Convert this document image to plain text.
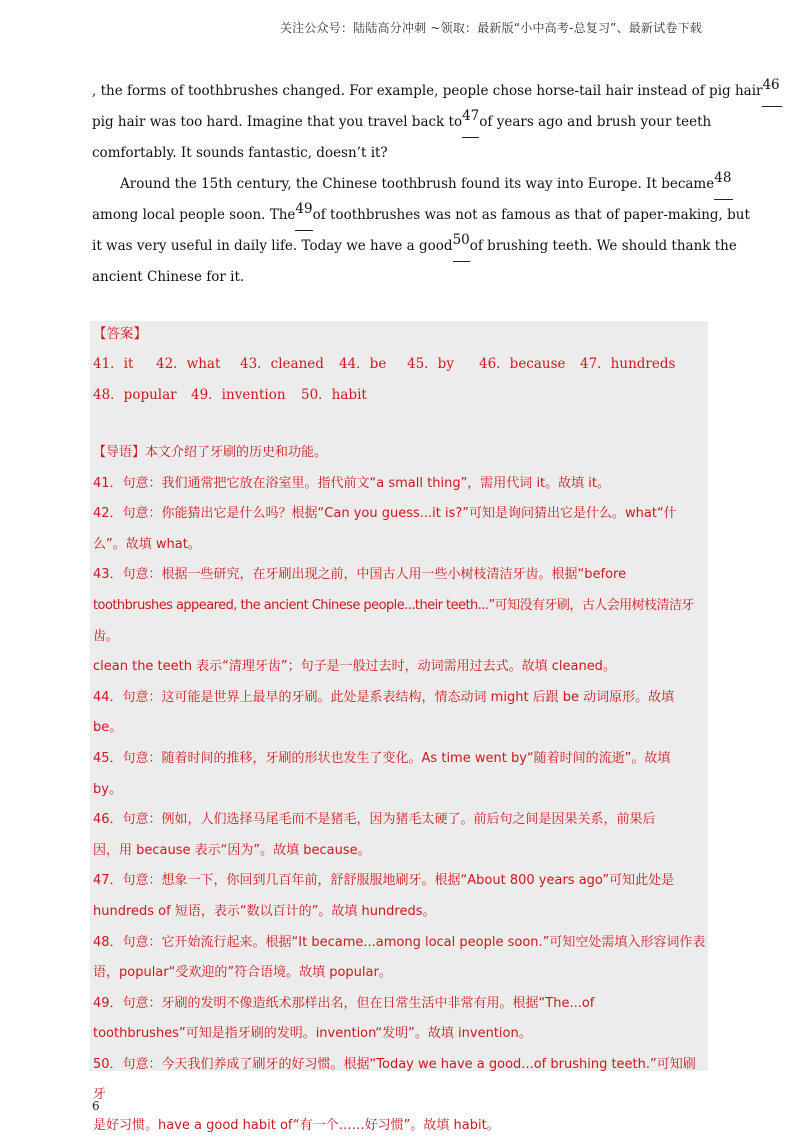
关注公众号：陆陆高分冲刺 ~领取：最新版“小中高考-总复习”、最新试卷下载

, the forms of toothbrushes changed. For example, people chose horse-tail hair instead of pig hair 46

pig hair was too hard. Imagine that you travel back to 47 of years ago and brush your teeth

comfortably. It sounds fantastic, doesn’t it?

Around the 15th century, the Chinese toothbrush found its way into Europe. It became 48

among local people soon. The 49 of toothbrushes was not as famous as that of paper-making, but

it was very useful in daily life. Today we have a good 50 of brushing teeth. We should thank the

ancient Chinese for it.

【答案】
41．it 42．what 43．cleaned 44．be 45．by 46．because 47．hundreds
48．popular 49．invention 50．habit

【导语】本文介绍了牙刷的历史和功能。

41．句意：我们通常把它放在浴室里。指代前文“a small thing”，需用代词 it。故填 it。

42．句意：你能猜出它是什么吗？根据“Can you guess...it is?”可知是询问猜出它是什么。what“什

么”。故填 what。

43．句意：根据一些研究，在牙刷出现之前，中国古人用一些小树枝清洁牙齿。根据“before

toothbrushes appeared, the ancient Chinese people...their teeth...”可知没有牙刷，古人会用树枝清洁牙齿。

clean the teeth 表示“清理牙齿”；句子是一般过去时，动词需用过去式。故填 cleaned。

44．句意：这可能是世界上最早的牙刷。此处是系表结构，情态动词 might 后跟 be 动词原形。故填

be。

45．句意：随着时间的推移，牙刷的形状也发生了变化。As time went by“随着时间的流逝”。故填

by。

46．句意：例如，人们选择马尾毛而不是猪毛，因为猪毛太硬了。前后句之间是因果关系，前果后

因，用 because 表示“因为”。故填 because。

47．句意：想象一下，你回到几百年前，舒舒服服地刷牙。根据“About 800 years ago”可知此处是

hundreds of 短语，表示“数以百计的”。故填 hundreds。

48．句意：它开始流行起来。根据“It became...among local people soon.”可知空处需填入形容词作表

语，popular“受欢迎的”符合语境。故填 popular。

49．句意：牙刷的发明不像造纸术那样出名，但在日常生活中非常有用。根据“The...of

toothbrushes”可知是指牙刷的发明。invention“发明”。故填 invention。

50．句意：今天我们养成了刷牙的好习惯。根据“Today we have a good...of brushing teeth.”可知刷牙

是好习惯。have a good habit of“有一个……好习惯”。故填 habit。

6
